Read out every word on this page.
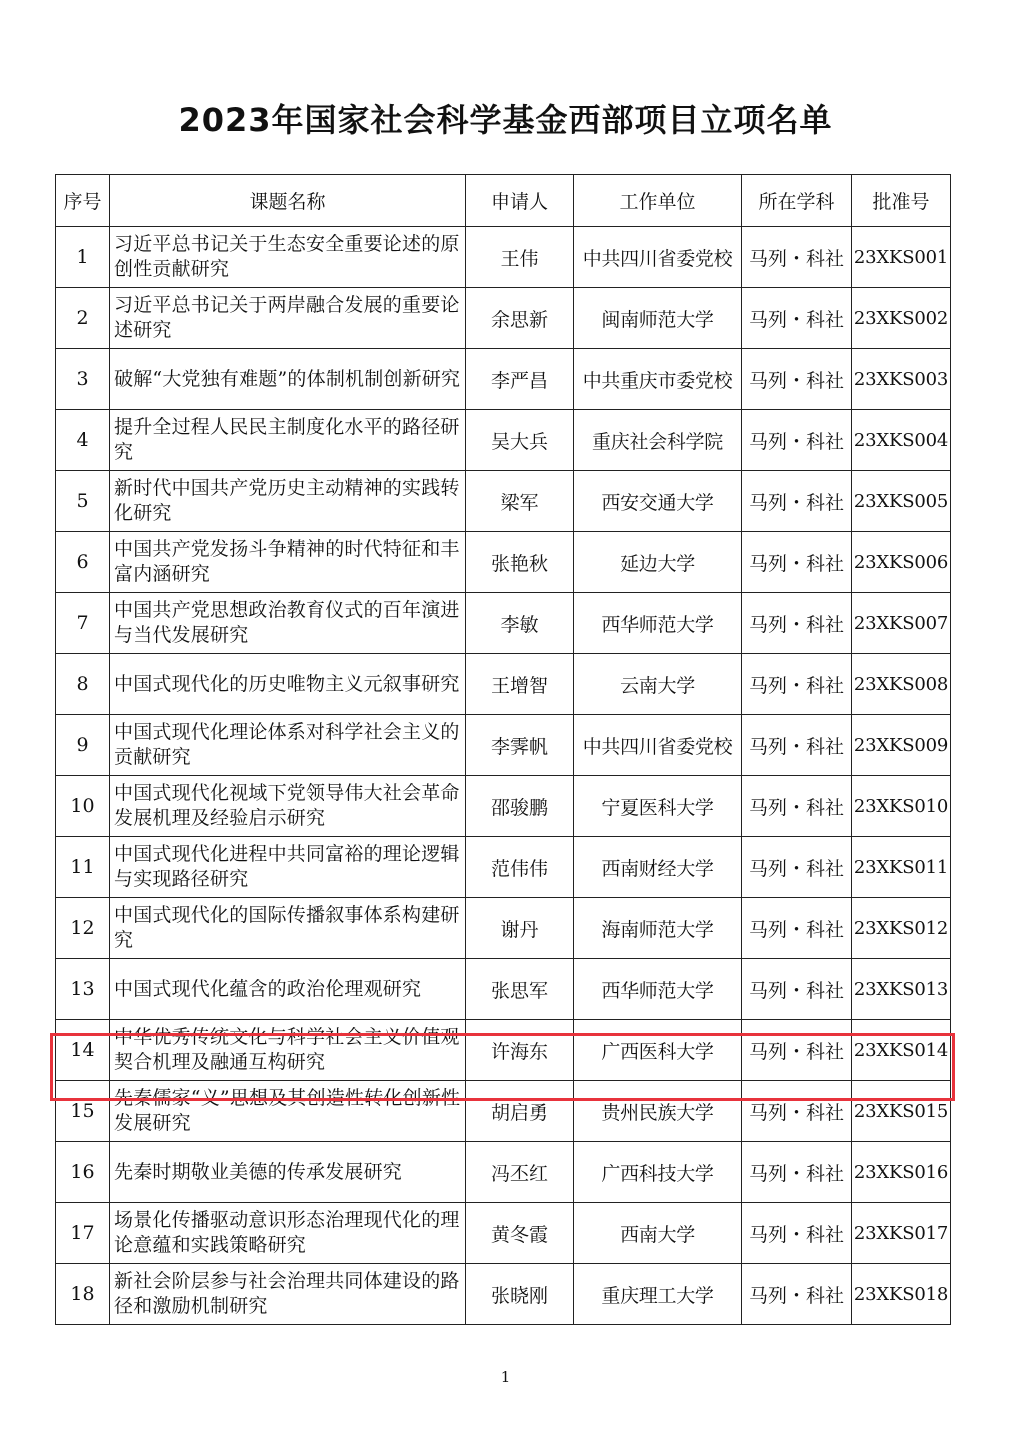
2023年国家社会科学基金西部项目立项名单
序号	课题名称	申请人	工作单位	所在学科	批准号
1	习近平总书记关于生态安全重要论述的原创性贡献研究	王伟	中共四川省委党校	马列・科社	23XKS001
2	习近平总书记关于两岸融合发展的重要论述研究	余思新	闽南师范大学	马列・科社	23XKS002
3	破解“大党独有难题”的体制机制创新研究	李严昌	中共重庆市委党校	马列・科社	23XKS003
4	提升全过程人民民主制度化水平的路径研究	吴大兵	重庆社会科学院	马列・科社	23XKS004
5	新时代中国共产党历史主动精神的实践转化研究	梁军	西安交通大学	马列・科社	23XKS005
6	中国共产党发扬斗争精神的时代特征和丰富内涵研究	张艳秋	延边大学	马列・科社	23XKS006
7	中国共产党思想政治教育仪式的百年演进与当代发展研究	李敏	西华师范大学	马列・科社	23XKS007
8	中国式现代化的历史唯物主义元叙事研究	王增智	云南大学	马列・科社	23XKS008
9	中国式现代化理论体系对科学社会主义的贡献研究	李霁帆	中共四川省委党校	马列・科社	23XKS009
10	中国式现代化视域下党领导伟大社会革命发展机理及经验启示研究	邵骏鹏	宁夏医科大学	马列・科社	23XKS010
11	中国式现代化进程中共同富裕的理论逻辑与实现路径研究	范伟伟	西南财经大学	马列・科社	23XKS011
12	中国式现代化的国际传播叙事体系构建研究	谢丹	海南师范大学	马列・科社	23XKS012
13	中国式现代化蕴含的政治伦理观研究	张思军	西华师范大学	马列・科社	23XKS013
14	中华优秀传统文化与科学社会主义价值观契合机理及融通互构研究	许海东	广西医科大学	马列・科社	23XKS014
15	先秦儒家“义”思想及其创造性转化创新性发展研究	胡启勇	贵州民族大学	马列・科社	23XKS015
16	先秦时期敬业美德的传承发展研究	冯丕红	广西科技大学	马列・科社	23XKS016
17	场景化传播驱动意识形态治理现代化的理论意蕴和实践策略研究	黄冬霞	西南大学	马列・科社	23XKS017
18	新社会阶层参与社会治理共同体建设的路径和激励机制研究	张晓刚	重庆理工大学	马列・科社	23XKS018
1
